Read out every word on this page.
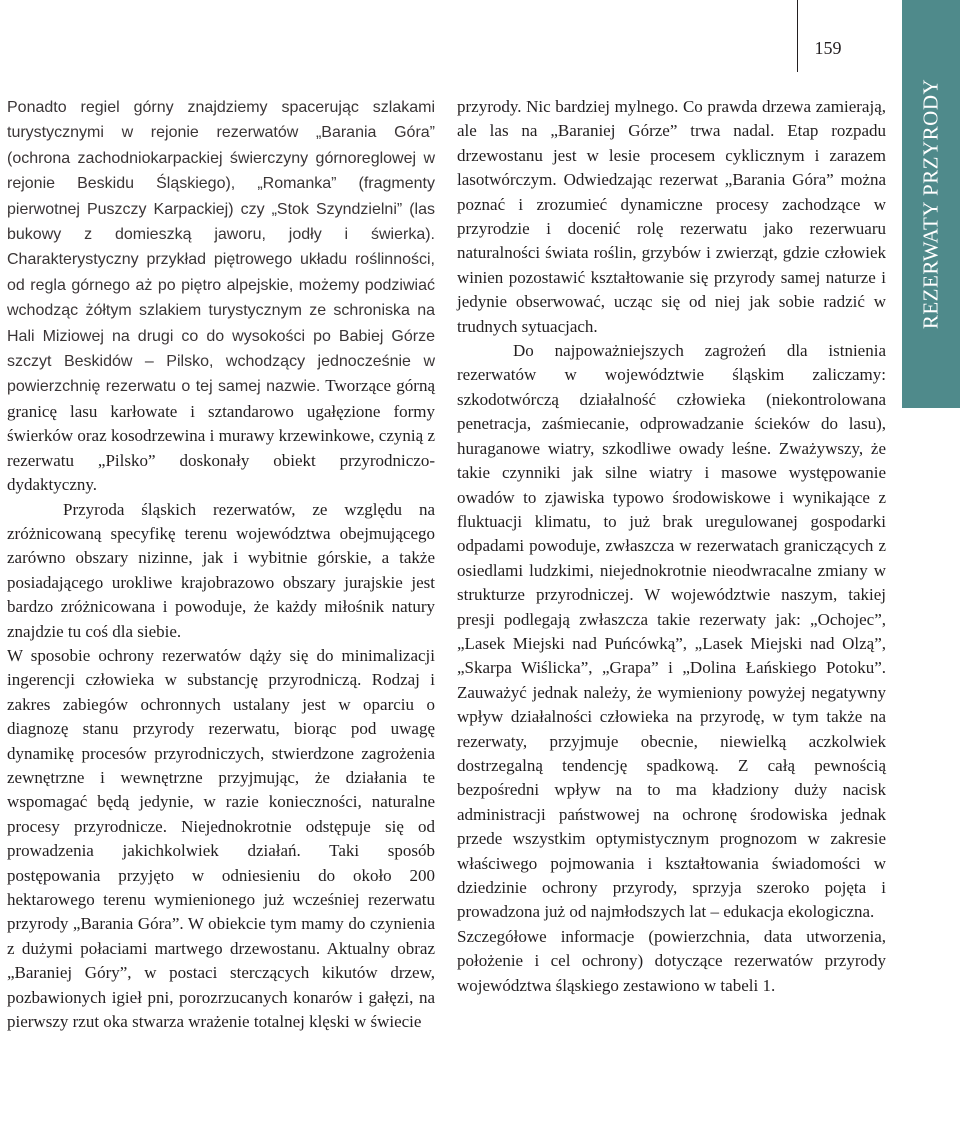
159
REZERWATY PRZYRODY

Ponadto regiel górny znajdziemy spacerując szlakami turystycznymi w rejonie rezerwatów „Barania Góra” (ochrona zachodniokarpackiej świerczyny górnoreglowej w rejonie Beskidu Śląskiego), „Romanka” (fragmenty pierwotnej Puszczy Karpackiej) czy „Stok Szyndzielni” (las bukowy z domieszką jaworu, jodły i świerka). Charakterystyczny przykład piętrowego układu roślinności, od regla górnego aż po piętro alpejskie, możemy podziwiać wchodząc żółtym szlakiem turystycznym ze schroniska na Hali Miziowej na drugi co do wysokości po Babiej Górze szczyt Beskidów – Pilsko, wchodzący jednocześnie w powierzchnię rezerwatu o tej samej nazwie. Tworzące górną granicę lasu karłowate i sztandarowo ugałęzione formy świerków oraz kosodrzewina i murawy krzewinkowe, czynią z rezerwatu „Pilsko” doskonały obiekt przyrodniczo-dydaktyczny.

Przyroda śląskich rezerwatów, ze względu na zróżnicowaną specyfikę terenu województwa obejmującego zarówno obszary nizinne, jak i wybitnie górskie, a także posiadającego urokliwe krajobrazowo obszary jurajskie jest bardzo zróżnicowana i powoduje, że każdy miłośnik natury znajdzie tu coś dla siebie.

W sposobie ochrony rezerwatów dąży się do minimalizacji ingerencji człowieka w substancję przyrodniczą. Rodzaj i zakres zabiegów ochronnych ustalany jest w oparciu o diagnozę stanu przyrody rezerwatu, biorąc pod uwagę dynamikę procesów przyrodniczych, stwierdzone zagrożenia zewnętrzne i wewnętrzne przyjmując, że działania te wspomagać będą jedynie, w razie konieczności, naturalne procesy przyrodnicze. Niejednokrotnie odstępuje się od prowadzenia jakichkolwiek działań. Taki sposób postępowania przyjęto w odniesieniu do około 200 hektarowego terenu wymienionego już wcześniej rezerwatu przyrody „Barania Góra”. W obiekcie tym mamy do czynienia z dużymi połaciami martwego drzewostanu. Aktualny obraz „Baraniej Góry”, w postaci sterczących kikutów drzew, pozbawionych igieł pni, porozrzucanych konarów i gałęzi, na pierwszy rzut oka stwarza wrażenie totalnej klęski w świecie

przyrody. Nic bardziej mylnego. Co prawda drzewa zamierają, ale las na „Baraniej Górze” trwa nadal. Etap rozpadu drzewostanu jest w lesie procesem cyklicznym i zarazem lasotwórczym. Odwiedzając rezerwat „Barania Góra” można poznać i zrozumieć dynamiczne procesy zachodzące w przyrodzie i docenić rolę rezerwatu jako rezerwuaru naturalności świata roślin, grzybów i zwierząt, gdzie człowiek winien pozostawić kształtowanie się przyrody samej naturze i jedynie obserwować, ucząc się od niej jak sobie radzić w trudnych sytuacjach.

Do najpoważniejszych zagrożeń dla istnienia rezerwatów w województwie śląskim zaliczamy: szkodotwórczą działalność człowieka (niekontrolowana penetracja, zaśmiecanie, odprowadzanie ścieków do lasu), huraganowe wiatry, szkodliwe owady leśne. Zważywszy, że takie czynniki jak silne wiatry i masowe występowanie owadów to zjawiska typowo środowiskowe i wynikające z fluktuacji klimatu, to już brak uregulowanej gospodarki odpadami powoduje, zwłaszcza w rezerwatach graniczących z osiedlami ludzkimi, niejednokrotnie nieodwracalne zmiany w strukturze przyrodniczej. W województwie naszym, takiej presji podlegają zwłaszcza takie rezerwaty jak: „Ochojec”, „Lasek Miejski nad Puńcówką”, „Lasek Miejski nad Olzą”, „Skarpa Wiślicka”, „Grapa” i „Dolina Łańskiego Potoku”. Zauważyć jednak należy, że wymieniony powyżej negatywny wpływ działalności człowieka na przyrodę, w tym także na rezerwaty, przyjmuje obecnie, niewielką aczkolwiek dostrzegalną tendencję spadkową. Z całą pewnością bezpośredni wpływ na to ma kładziony duży nacisk administracji państwowej na ochronę środowiska jednak przede wszystkim optymistycznym prognozom w zakresie właściwego pojmowania i kształtowania świadomości w dziedzinie ochrony przyrody, sprzyja szeroko pojęta i prowadzona już od najmłodszych lat – edukacja ekologiczna.

Szczegółowe informacje (powierzchnia, data utworzenia, położenie i cel ochrony) dotyczące rezerwatów przyrody województwa śląskiego zestawiono w tabeli 1.
